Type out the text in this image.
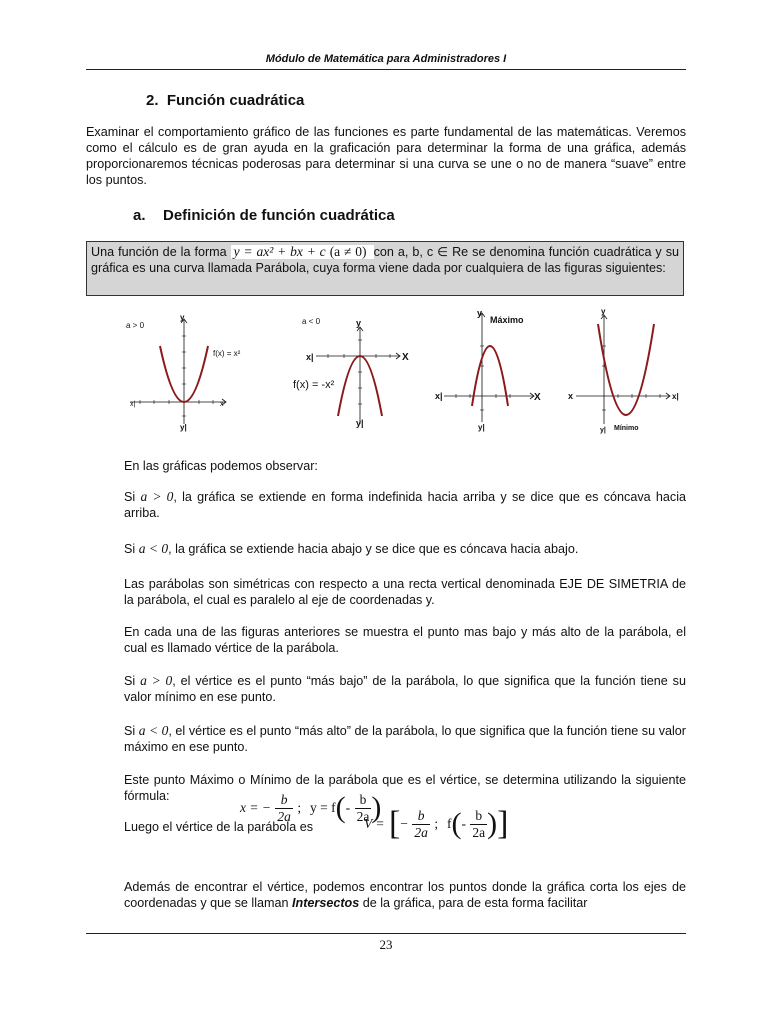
Módulo de Matemática para Administradores I
2. Función cuadrática
Examinar el comportamiento gráfico de las funciones es parte fundamental de las matemáticas. Veremos como el cálculo es de gran ayuda en la graficación para determinar la forma de una gráfica, además proporcionaremos técnicas poderosas para determinar si una curva se une o no de manera “suave” entre los puntos.
a. Definición de función cuadrática
Una función de la forma y = ax² + bx + c (a ≠ 0) con a, b, c ∈ Re se denomina función cuadrática y su gráfica es una curva llamada Parábola, cuya forma viene dada por cualquiera de las figuras siguientes:
a > 0
y
f(x) = x²
x|	x
y|
a < 0	y
x|	X
f(x) = -x²
y|
y
Máximo
x|	X
y|
y
x	x|
y| Mínimo
En las gráficas podemos observar:
Si a > 0, la gráfica se extiende en forma indefinida hacia arriba y se dice que es cóncava hacia arriba.
Si a < 0, la gráfica se extiende hacia abajo y se dice que es cóncava hacia abajo.
Las parábolas son simétricas con respecto a una recta vertical denominada EJE DE SIMETRIA de la parábola, el cual es paralelo al eje de coordenadas y.
En cada una de las figuras anteriores se muestra el punto mas bajo y más alto de la parábola, el cual es llamado vértice de la parábola.
Si a > 0, el vértice es el punto “más bajo” de la parábola, lo que significa que la función tiene su valor mínimo en ese punto.
Si a < 0, el vértice es el punto “más alto” de la parábola, lo que significa que la función tiene su valor máximo en ese punto.
Este punto Máximo o Mínimo de la parábola que es el vértice, se determina utilizando la siguiente fórmula:
x = − $\frac{b}{2a}$ ; $y = f(- \frac{b}{2a}$ )
Luego el vértice de la parábola es	V = [− $\frac{b}{2a}$ ; $f(- \frac{b}{2a}$ )]
Además de encontrar el vértice, podemos encontrar los puntos donde la gráfica corta los ejes de coordenadas y que se llaman Intersectos de la gráfica, para de esta forma facilitar
23
